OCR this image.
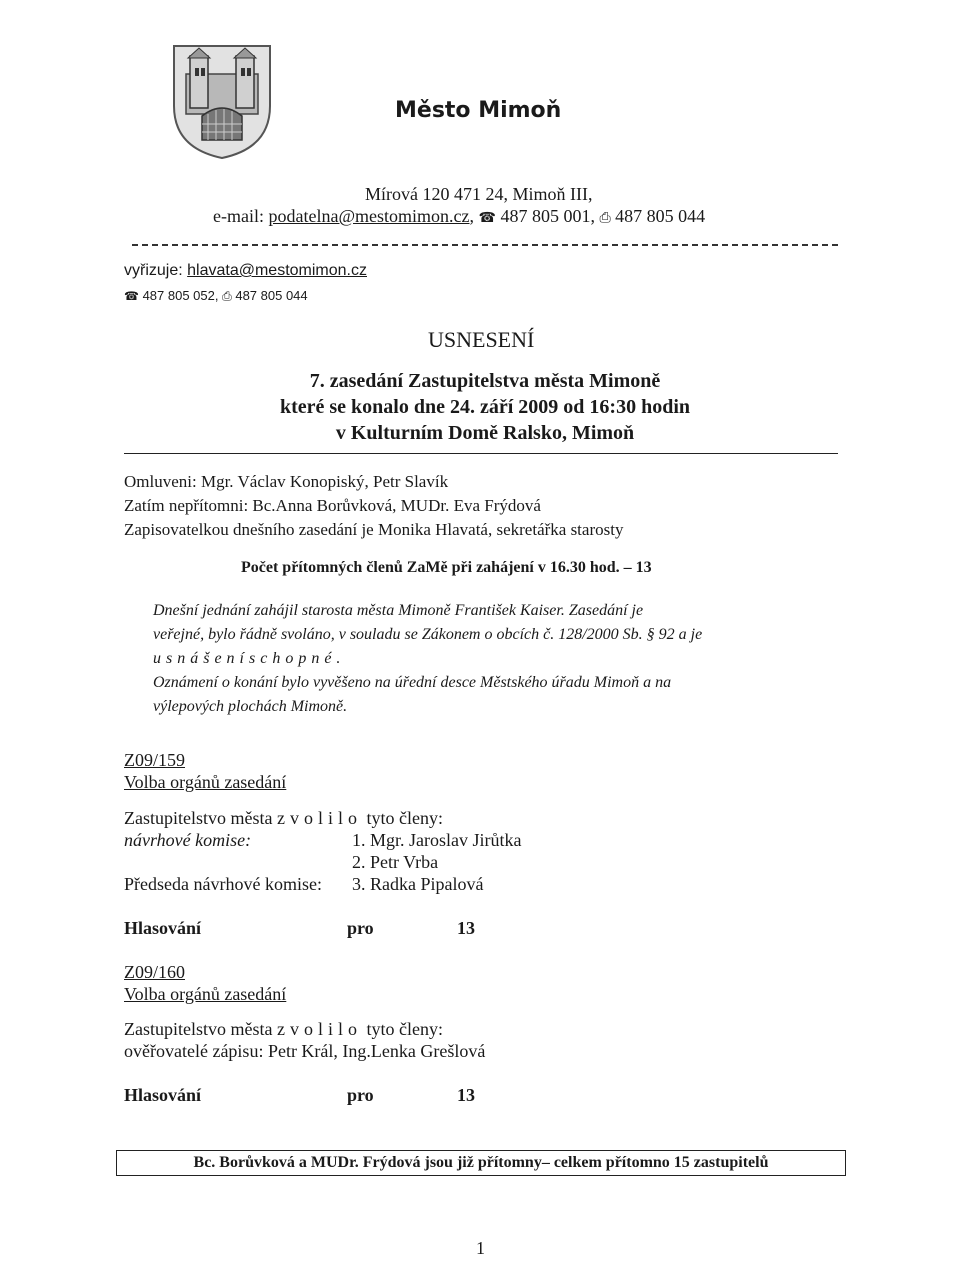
Město Mimoň
Mírová 120 471 24, Mimoň III,
e-mail: podatelna@mestomimon.cz, ☎ 487 805 001, ⎙ 487 805 044
vyřizuje: hlavata@mestomimon.cz
☎ 487 805 052, ⎙ 487 805 044
USNESENÍ
7. zasedání Zastupitelstva města Mimoně
které se konalo dne 24. září 2009 od 16:30 hodin
v Kulturním Domě Ralsko, Mimoň
Omluveni: Mgr. Václav Konopiský, Petr Slavík
Zatím nepřítomni: Bc.Anna Borůvková, MUDr. Eva Frýdová
Zapisovatelkou dnešního zasedání je Monika Hlavatá, sekretářka starosty
Počet přítomných členů ZaMě při zahájení v 16.30 hod. – 13
Dnešní jednání zahájil starosta města Mimoně František Kaiser. Zasedání je
veřejné, bylo řádně svoláno, v souladu se Zákonem o obcích č. 128/2000 Sb. § 92 a je
usnášeníschopné.
Oznámení o konání bylo vyvěšeno na úřední desce Městského úřadu Mimoň a na
výlepových plochách Mimoně.
Z09/159
Volba orgánů zasedání
Zastupitelstvo města zvolilo tyto členy:
návrhové komise:	1. Mgr. Jaroslav Jirůtka
2. Petr Vrba
Předseda návrhové komise: 3. Radka Pipalová
Hlasování	pro	13
Z09/160
Volba orgánů zasedání
Zastupitelstvo města zvolilo tyto členy:
ověřovatelé zápisu: Petr Král, Ing.Lenka Grešlová
Hlasování	pro	13
Bc. Borůvková a MUDr. Frýdová jsou již přítomny– celkem přítomno 15 zastupitelů
1
